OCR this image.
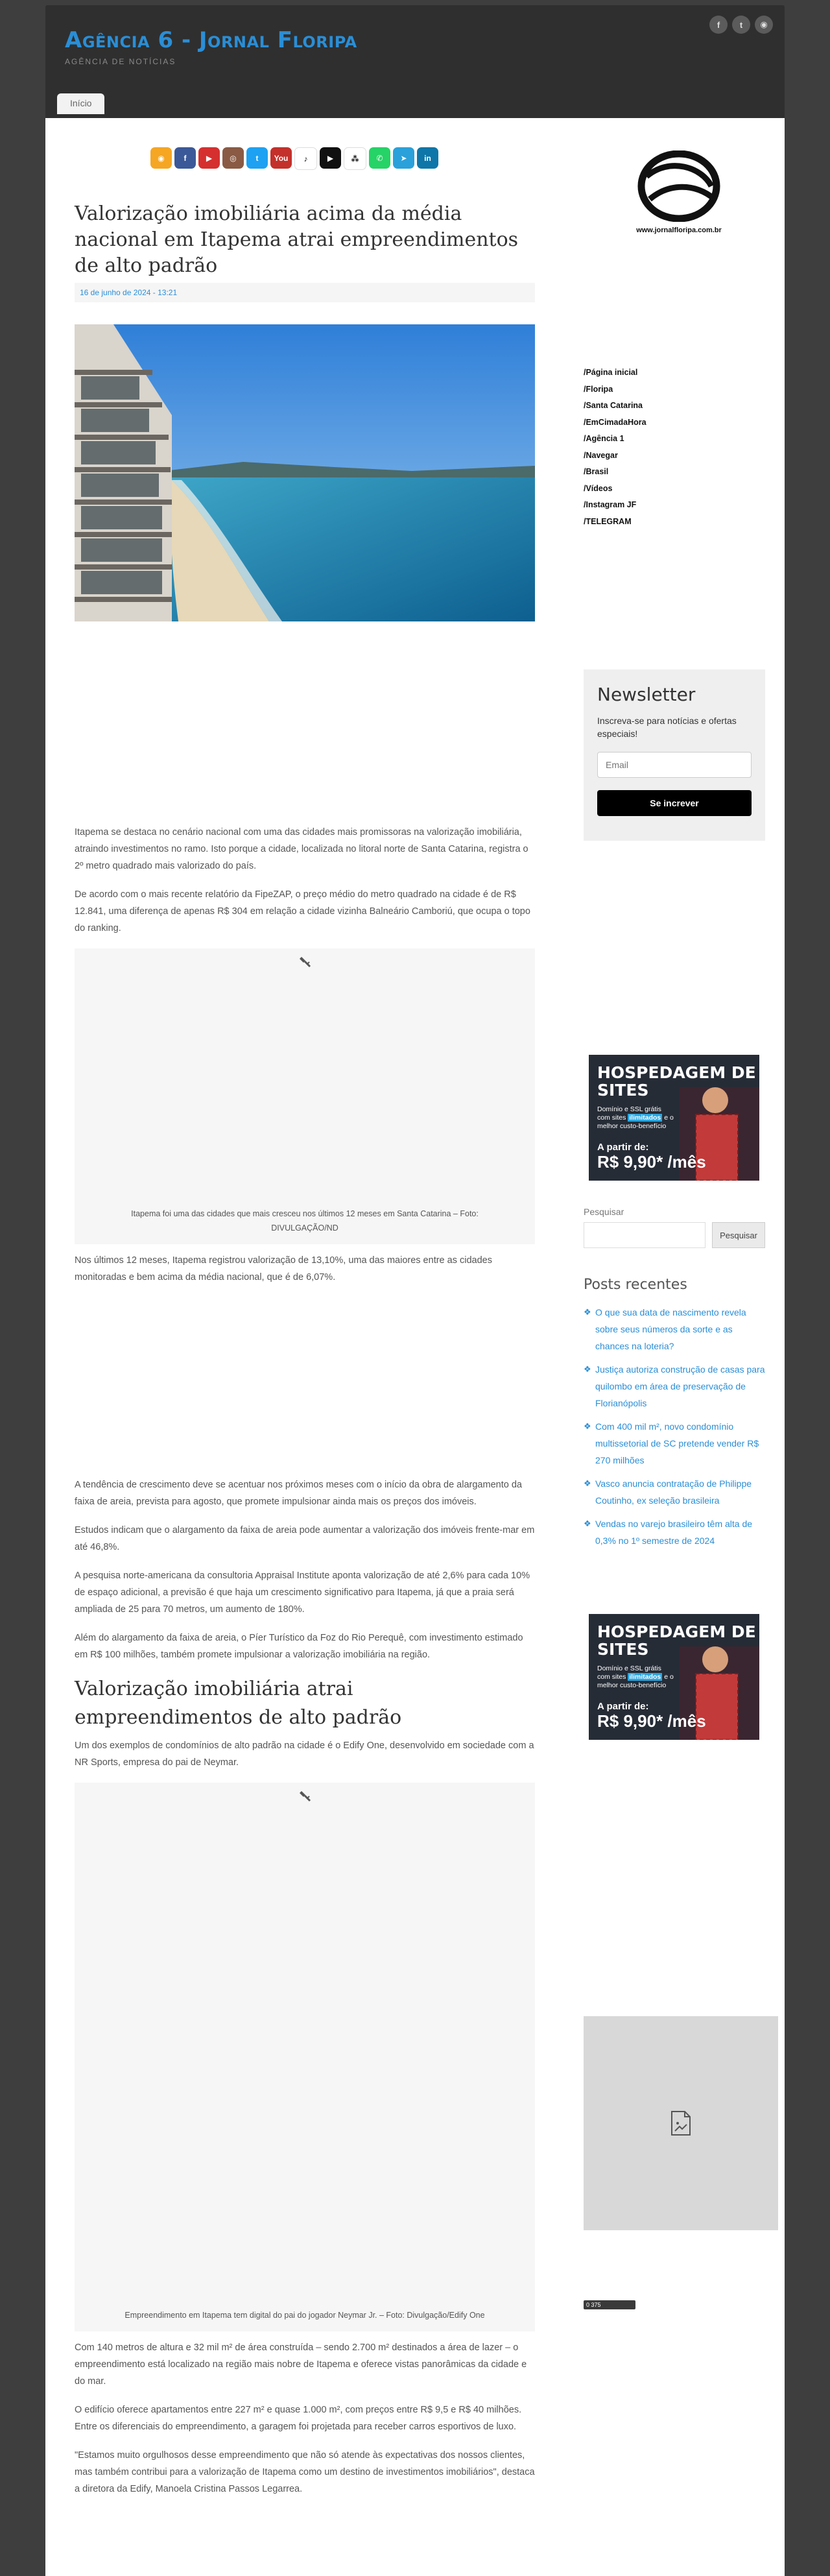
Agência 6 - Jornal Floripa
AGÊNCIA DE NOTÍCIAS
f	t	◉
Início
◉	f	▶	◎	t	You	♪	▶	⁂	✆	➤	in
Valorização imobiliária acima da média nacional em Itapema atrai empreendimentos de alto padrão
16 de junho de 2024 - 13:21

Itapema se destaca no cenário nacional com uma das cidades mais promissoras na valorização imobiliária, atraindo investimentos no ramo. Isto porque a cidade, localizada no litoral norte de Santa Catarina, registra o 2º metro quadrado mais valorizado do país.

De acordo com o mais recente relatório da FipeZAP, o preço médio do metro quadrado na cidade é de R$ 12.841, uma diferença de apenas R$ 304 em relação a cidade vizinha Balneário Camboriú, que ocupa o topo do ranking.

Itapema foi uma das cidades que mais cresceu nos últimos 12 meses em Santa Catarina – Foto: DIVULGAÇÃO/ND

Nos últimos 12 meses, Itapema registrou valorização de 13,10%, uma das maiores entre as cidades monitoradas e bem acima da média nacional, que é de 6,07%.

A tendência de crescimento deve se acentuar nos próximos meses com o início da obra de alargamento da faixa de areia, prevista para agosto, que promete impulsionar ainda mais os preços dos imóveis.

Estudos indicam que o alargamento da faixa de areia pode aumentar a valorização dos imóveis frente-mar em até 46,8%.

A pesquisa norte-americana da consultoria Appraisal Institute aponta valorização de até 2,6% para cada 10% de espaço adicional, a previsão é que haja um crescimento significativo para Itapema, já que a praia será ampliada de 25 para 70 metros, um aumento de 180%.

Além do alargamento da faixa de areia, o Píer Turístico da Foz do Rio Perequê, com investimento estimado em R$ 100 milhões, também promete impulsionar a valorização imobiliária na região.

Valorização imobiliária atrai empreendimentos de alto padrão

Um dos exemplos de condomínios de alto padrão na cidade é o Edify One, desenvolvido em sociedade com a NR Sports, empresa do pai de Neymar.

Empreendimento em Itapema tem digital do pai do jogador Neymar Jr. – Foto: Divulgação/Edify One

Com 140 metros de altura e 32 mil m² de área construída – sendo 2.700 m² destinados a área de lazer – o empreendimento está localizado na região mais nobre de Itapema e oferece vistas panorâmicas da cidade e do mar.

O edifício oferece apartamentos entre 227 m² e quase 1.000 m², com preços entre R$ 9,5 e R$ 40 milhões. Entre os diferenciais do empreendimento, a garagem foi projetada para receber carros esportivos de luxo.

"Estamos muito orgulhosos desse empreendimento que não só atende às expectativas dos nossos clientes, mas também contribui para a valorização de Itapema como um destino de investimentos imobiliários", destaca a diretora da Edify, Manoela Cristina Passos Legarrea.

www.jornalfloripa.com.br
/Página inicial
/Floripa
/Santa Catarina
/EmCimadaHora
/Agência 1
/Navegar
/Brasil
/Vídeos
/Instagram JF
/TELEGRAM
Newsletter
Inscreva-se para notícias e ofertas especiais!
Email Se increver
HOSPEDAGEM DE SITES
Domínio e SSL grátis com sites ilimitados e o melhor custo-benefício
A partir de:
R$ 9,90* /mês
Pesquisar
Pesquisar
Posts recentes
❖ O que sua data de nascimento revela sobre seus números da sorte e as chances na loteria?
❖ Justiça autoriza construção de casas para quilombo em área de preservação de Florianópolis
❖ Com 400 mil m², novo condomínio multissetorial de SC pretende vender R$ 270 milhões
❖ Vasco anuncia contratação de Philippe Coutinho, ex seleção brasileira
❖ Vendas no varejo brasileiro têm alta de 0,3% no 1º semestre de 2024
HOSPEDAGEM DE SITES
Domínio e SSL grátis com sites ilimitados e o melhor custo-benefício
A partir de:
R$ 9,90* /mês
0 375
